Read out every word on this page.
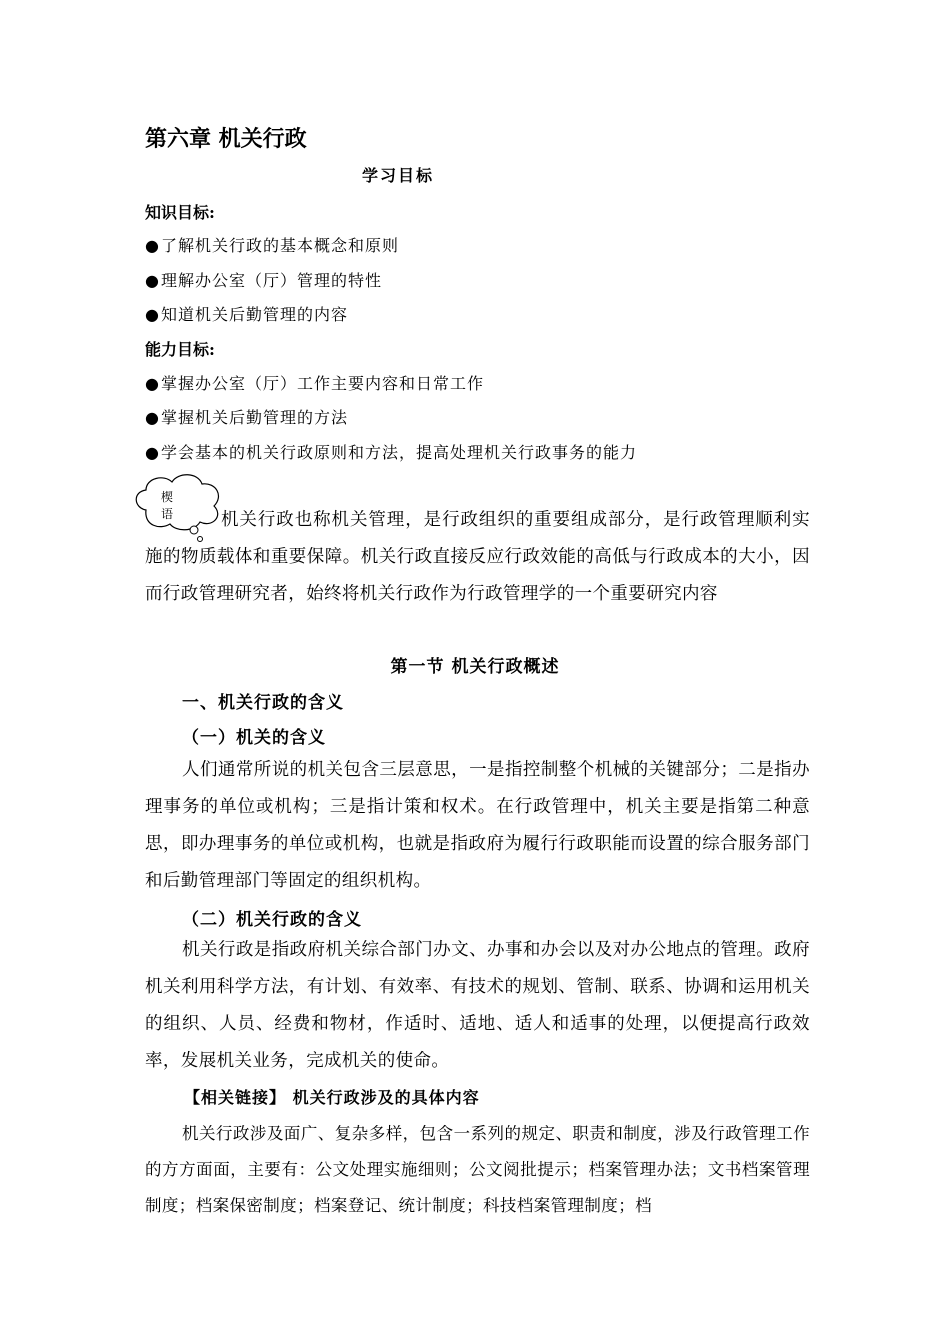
第六章 机关行政
学习目标
知识目标:
●了解机关行政的基本概念和原则
●理解办公室（厅）管理的特性
●知道机关后勤管理的内容
能力目标:
●掌握办公室（厅）工作主要内容和日常工作
●掌握机关后勤管理的方法
●学会基本的机关行政原则和方法，提高处理机关行政事务的能力
楔语	机关行政也称机关管理，是行政组织的重要组成部分，是行政管理顺利实施的物质载体和重要保障。机关行政直接反应行政效能的高低与行政成本的大小，因而行政管理研究者，始终将机关行政作为行政管理学的一个重要研究内容
第一节 机关行政概述
一、机关行政的含义
（一）机关的含义
人们通常所说的机关包含三层意思，一是指控制整个机械的关键部分；二是指办理事务的单位或机构；三是指计策和权术。在行政管理中，机关主要是指第二种意思，即办理事务的单位或机构，也就是指政府为履行行政职能而设置的综合服务部门和后勤管理部门等固定的组织机构。
（二）机关行政的含义
机关行政是指政府机关综合部门办文、办事和办会以及对办公地点的管理。政府机关利用科学方法，有计划、有效率、有技术的规划、管制、联系、协调和运用机关的组织、人员、经费和物材，作适时、适地、适人和适事的处理，以便提高行政效率，发展机关业务，完成机关的使命。
【相关链接】 机关行政涉及的具体内容
机关行政涉及面广、复杂多样，包含一系列的规定、职责和制度，涉及行政管理工作的方方面面，主要有：公文处理实施细则；公文阅批提示；档案管理办法；文书档案管理制度；档案保密制度；档案登记、统计制度；科技档案管理制度；档
